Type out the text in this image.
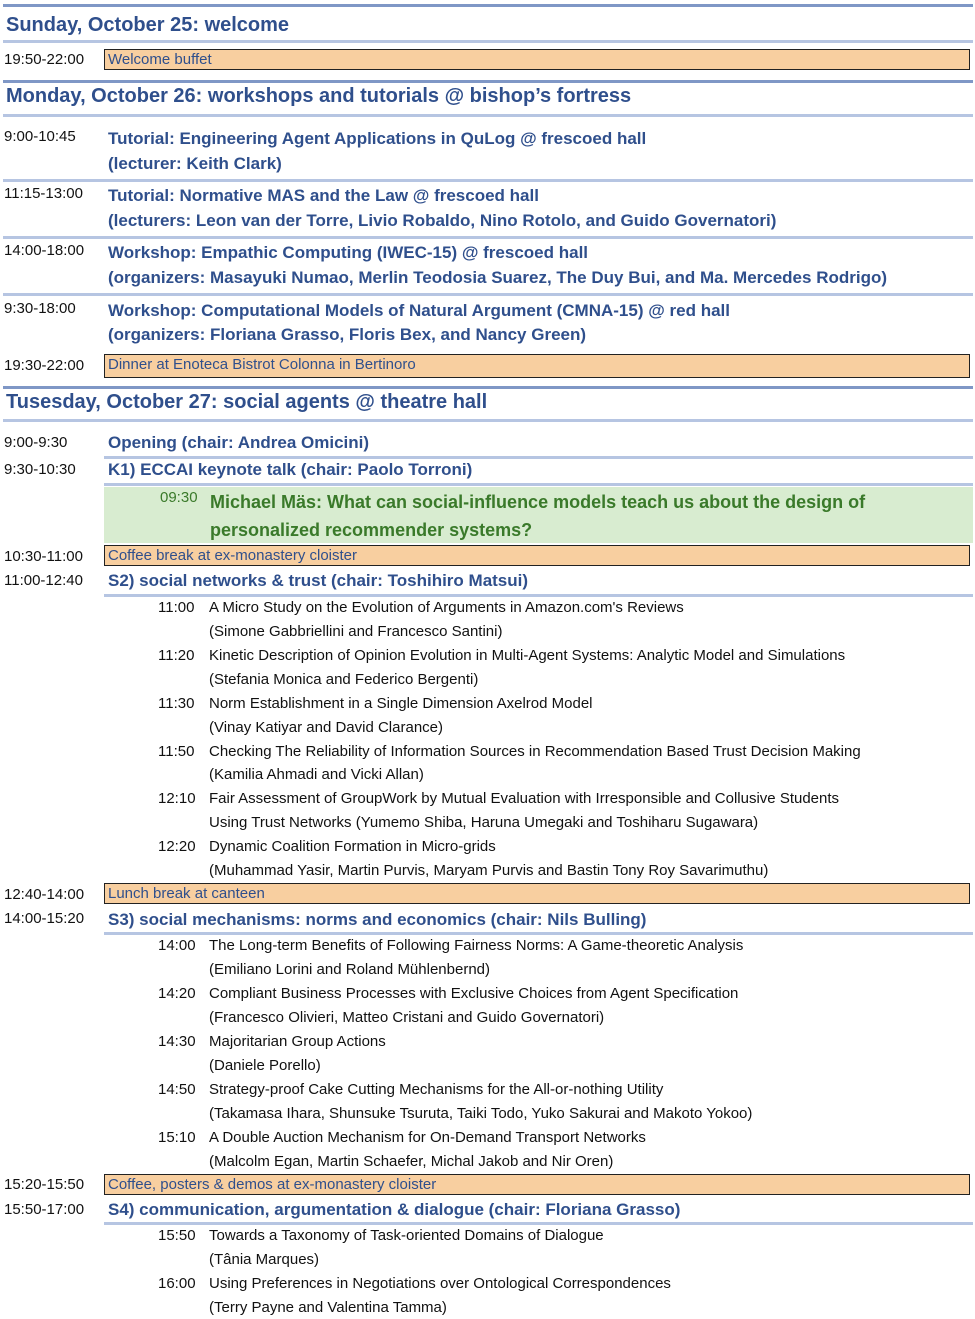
Sunday, October 25: welcome
19:50-22:00 Welcome buffet
Monday, October 26: workshops and tutorials @ bishop’s fortress
9:00-10:45 Tutorial: Engineering Agent Applications in QuLog @ frescoed hall
(lecturer: Keith Clark)
11:15-13:00 Tutorial: Normative MAS and the Law @ frescoed hall
(lecturers: Leon van der Torre, Livio Robaldo, Nino Rotolo, and Guido Governatori)
14:00-18:00 Workshop: Empathic Computing (IWEC-15) @ frescoed hall
(organizers: Masayuki Numao, Merlin Teodosia Suarez, The Duy Bui, and Ma. Mercedes Rodrigo)
9:30-18:00 Workshop: Computational Models of Natural Argument (CMNA-15) @ red hall
(organizers: Floriana Grasso, Floris Bex, and Nancy Green)
19:30-22:00 Dinner at Enoteca Bistrot Colonna in Bertinoro
Tusesday, October 27: social agents @ theatre hall
9:00-9:30 Opening (chair: Andrea Omicini)
9:30-10:30 K1) ECCAI keynote talk (chair: Paolo Torroni)
09:30 Michael Mäs: What can social-influence models teach us about the design of personalized recommender systems?
10:30-11:00 Coffee break at ex-monastery cloister
11:00-12:40 S2) social networks & trust (chair: Toshihiro Matsui)
11:00 A Micro Study on the Evolution of Arguments in Amazon.com's Reviews
(Simone Gabbriellini and Francesco Santini)
11:20 Kinetic Description of Opinion Evolution in Multi-Agent Systems: Analytic Model and Simulations
(Stefania Monica and Federico Bergenti)
11:30 Norm Establishment in a Single Dimension Axelrod Model
(Vinay Katiyar and David Clarance)
11:50 Checking The Reliability of Information Sources in Recommendation Based Trust Decision Making
(Kamilia Ahmadi and Vicki Allan)
12:10 Fair Assessment of GroupWork by Mutual Evaluation with Irresponsible and Collusive Students
Using Trust Networks (Yumemo Shiba, Haruna Umegaki and Toshiharu Sugawara)
12:20 Dynamic Coalition Formation in Micro-grids
(Muhammad Yasir, Martin Purvis, Maryam Purvis and Bastin Tony Roy Savarimuthu)
12:40-14:00 Lunch break at canteen
14:00-15:20 S3) social mechanisms: norms and economics (chair: Nils Bulling)
14:00 The Long-term Benefits of Following Fairness Norms: A Game-theoretic Analysis
(Emiliano Lorini and Roland Mühlenbernd)
14:20 Compliant Business Processes with Exclusive Choices from Agent Specification
(Francesco Olivieri, Matteo Cristani and Guido Governatori)
14:30 Majoritarian Group Actions
(Daniele Porello)
14:50 Strategy-proof Cake Cutting Mechanisms for the All-or-nothing Utility
(Takamasa Ihara, Shunsuke Tsuruta, Taiki Todo, Yuko Sakurai and Makoto Yokoo)
15:10 A Double Auction Mechanism for On-Demand Transport Networks
(Malcolm Egan, Martin Schaefer, Michal Jakob and Nir Oren)
15:20-15:50 Coffee, posters & demos at ex-monastery cloister
15:50-17:00 S4) communication, argumentation & dialogue (chair: Floriana Grasso)
15:50 Towards a Taxonomy of Task-oriented Domains of Dialogue
(Tânia Marques)
16:00 Using Preferences in Negotiations over Ontological Correspondences
(Terry Payne and Valentina Tamma)
